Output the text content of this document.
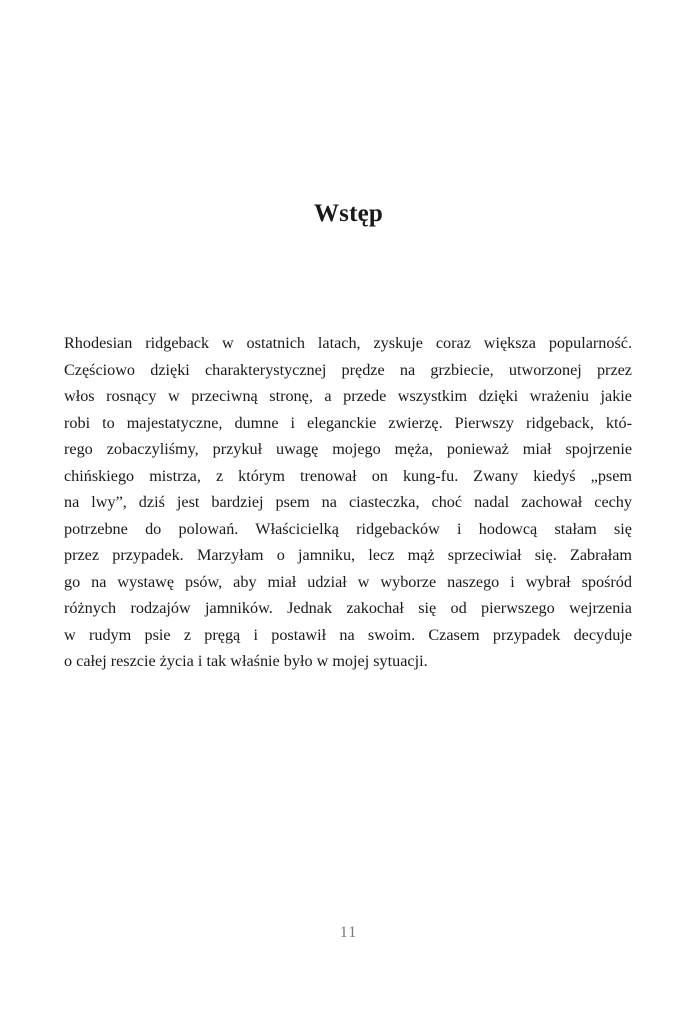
Wstęp
Rhodesian ridgeback w ostatnich latach, zyskuje coraz większa popularność.
Częściowo dzięki charakterystycznej prędze na grzbiecie, utworzonej przez
włos rosnący w przeciwną stronę, a przede wszystkim dzięki wrażeniu jakie
robi to majestatyczne, dumne i eleganckie zwierzę. Pierwszy ridgeback, któ-
rego zobaczyliśmy, przykuł uwagę mojego męża, ponieważ miał spojrzenie
chińskiego mistrza, z którym trenował on kung-fu. Zwany kiedyś „psem
na lwy”, dziś jest bardziej psem na ciasteczka, choć nadal zachował cechy
potrzebne do polowań. Właścicielką ridgebacków i hodowcą stałam się
przez przypadek. Marzyłam o jamniku, lecz mąż sprzeciwiał się. Zabrałam
go na wystawę psów, aby miał udział w wyborze naszego i wybrał spośród
różnych rodzajów jamników. Jednak zakochał się od pierwszego wejrzenia
w rudym psie z pręgą i postawił na swoim. Czasem przypadek decyduje
o całej reszcie życia i tak właśnie było w mojej sytuacji.
11
